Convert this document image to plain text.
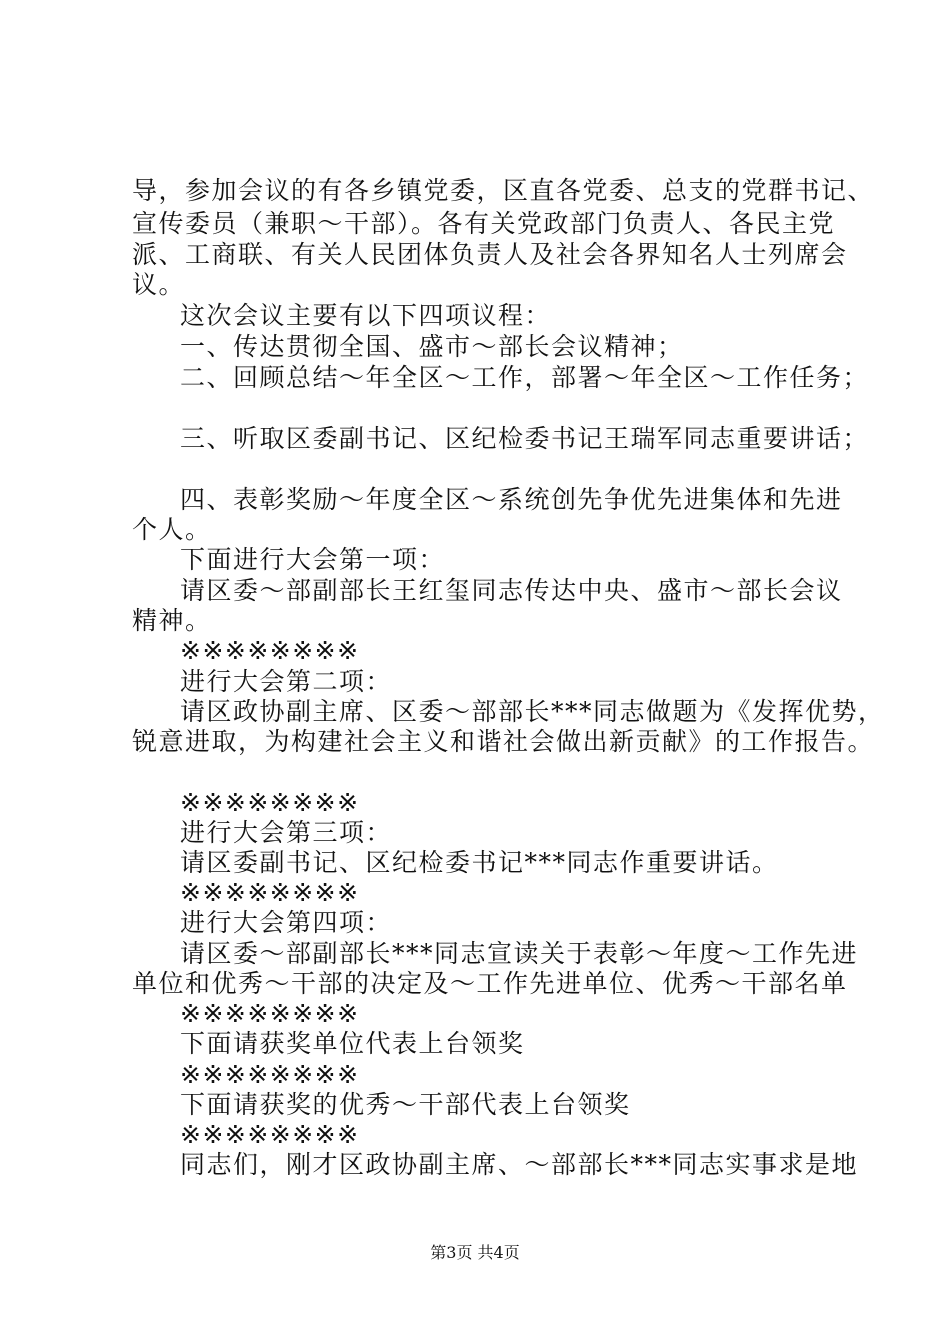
导，参加会议的有各乡镇党委，区直各党委、总支的党群书记、
宣传委员（兼职～干部）。各有关党政部门负责人、各民主党
派、工商联、有关人民团体负责人及社会各界知名人士列席会
议。
这次会议主要有以下四项议程：
一、传达贯彻全国、盛市～部长会议精神；
二、回顾总结～年全区～工作，部署～年全区～工作任务；
三、听取区委副书记、区纪检委书记王瑞军同志重要讲话；
四、表彰奖励～年度全区～系统创先争优先进集体和先进
个人。
下面进行大会第一项：
请区委～部副部长王红玺同志传达中央、盛市～部长会议
精神。
※※※※※※※※
进行大会第二项：
请区政协副主席、区委～部部长***同志做题为《发挥优势，
锐意进取，为构建社会主义和谐社会做出新贡献》的工作报告。
※※※※※※※※
进行大会第三项：
请区委副书记、区纪检委书记***同志作重要讲话。
※※※※※※※※
进行大会第四项：
请区委～部副部长***同志宣读关于表彰～年度～工作先进
单位和优秀～干部的决定及～工作先进单位、优秀～干部名单
※※※※※※※※
下面请获奖单位代表上台领奖
※※※※※※※※
下面请获奖的优秀～干部代表上台领奖
※※※※※※※※
同志们，刚才区政协副主席、～部部长***同志实事求是地
第3页 共4页
